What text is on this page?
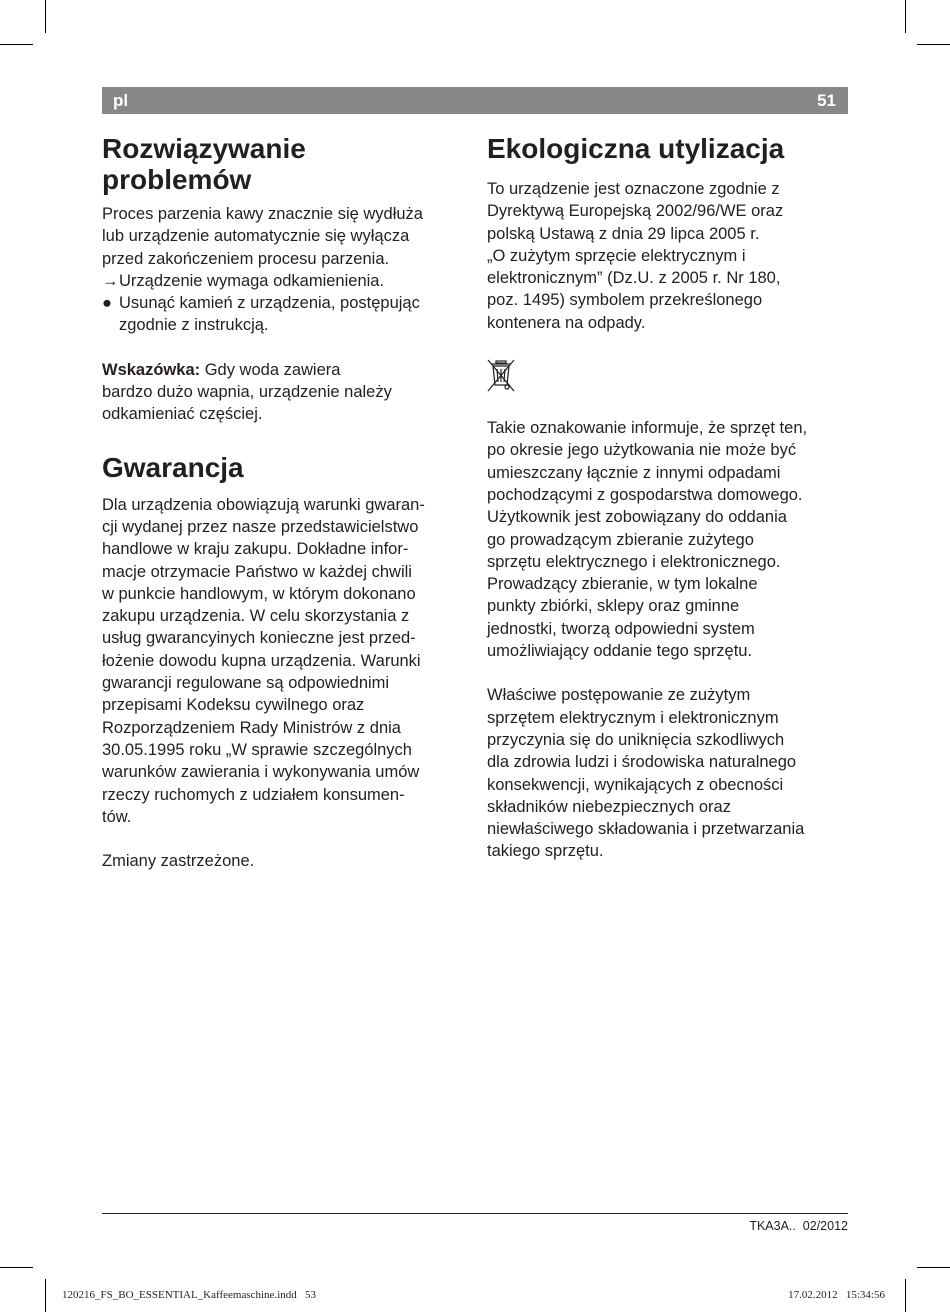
pl	51
Rozwiązywanie
problemów
Proces parzenia kawy znacznie się wydłuża
lub urządzenie automatycznie się wyłącza
przed zakończeniem procesu parzenia.
→ Urządzenie wymaga odkamienienia.
● Usunąć kamień z urządzenia, postępując
zgodnie z instrukcją.
Wskazówka: Gdy woda zawiera
bardzo dużo wapnia, urządzenie należy
odkamieniać częściej.
Gwarancja
Dla urządzenia obowiązują warunki gwaran-
cji wydanej przez nasze przedstawicielstwo
handlowe w kraju zakupu. Dokładne infor-
macje otrzymacie Państwo w każdej chwili
w punkcie handlowym, w którym dokonano
zakupu urządzenia. W celu skorzystania z
usług gwarancyinych konieczne jest przed-
łożenie dowodu kupna urządzenia. Warunki
gwarancji regulowane są odpowiednimi
przepisami Kodeksu cywilnego oraz
Rozporządzeniem Rady Ministrów z dnia
30.05.1995 roku „W sprawie szczególnych
warunków zawierania i wykonywania umów
rzeczy ruchomych z udziałem konsumen-
tów.
Zmiany zastrzeżone.
Ekologiczna utylizacja
To urządzenie jest oznaczone zgodnie z
Dyrektywą Europejską 2002/96/WE oraz
polską Ustawą z dnia 29 lipca 2005 r.
„O zużytym sprzęcie elektrycznym i
elektronicznym” (Dz.U. z 2005 r. Nr 180,
poz. 1495) symbolem przekreślonego
kontenera na odpady.
Takie oznakowanie informuje, że sprzęt ten,
po okresie jego użytkowania nie może być
umieszczany łącznie z innymi odpadami
pochodzącymi z gospodarstwa domowego.
Użytkownik jest zobowiązany do oddania
go prowadzącym zbieranie zużytego
sprzętu elektrycznego i elektronicznego.
Prowadzący zbieranie, w tym lokalne
punkty zbiórki, sklepy oraz gminne
jednostki, tworzą odpowiedni system
umożliwiający oddanie tego sprzętu.
Właściwe postępowanie ze zużytym
sprzętem elektrycznym i elektronicznym
przyczynia się do uniknięcia szkodliwych
dla zdrowia ludzi i środowiska naturalnego
konsekwencji, wynikających z obecności
składników niebezpiecznych oraz
niewłaściwego składowania i przetwarzania
takiego sprzętu.
TKA3A..  02/2012
120216_FS_BO_ESSENTIAL_Kaffeemaschine.indd   53	17.02.2012   15:34:56
